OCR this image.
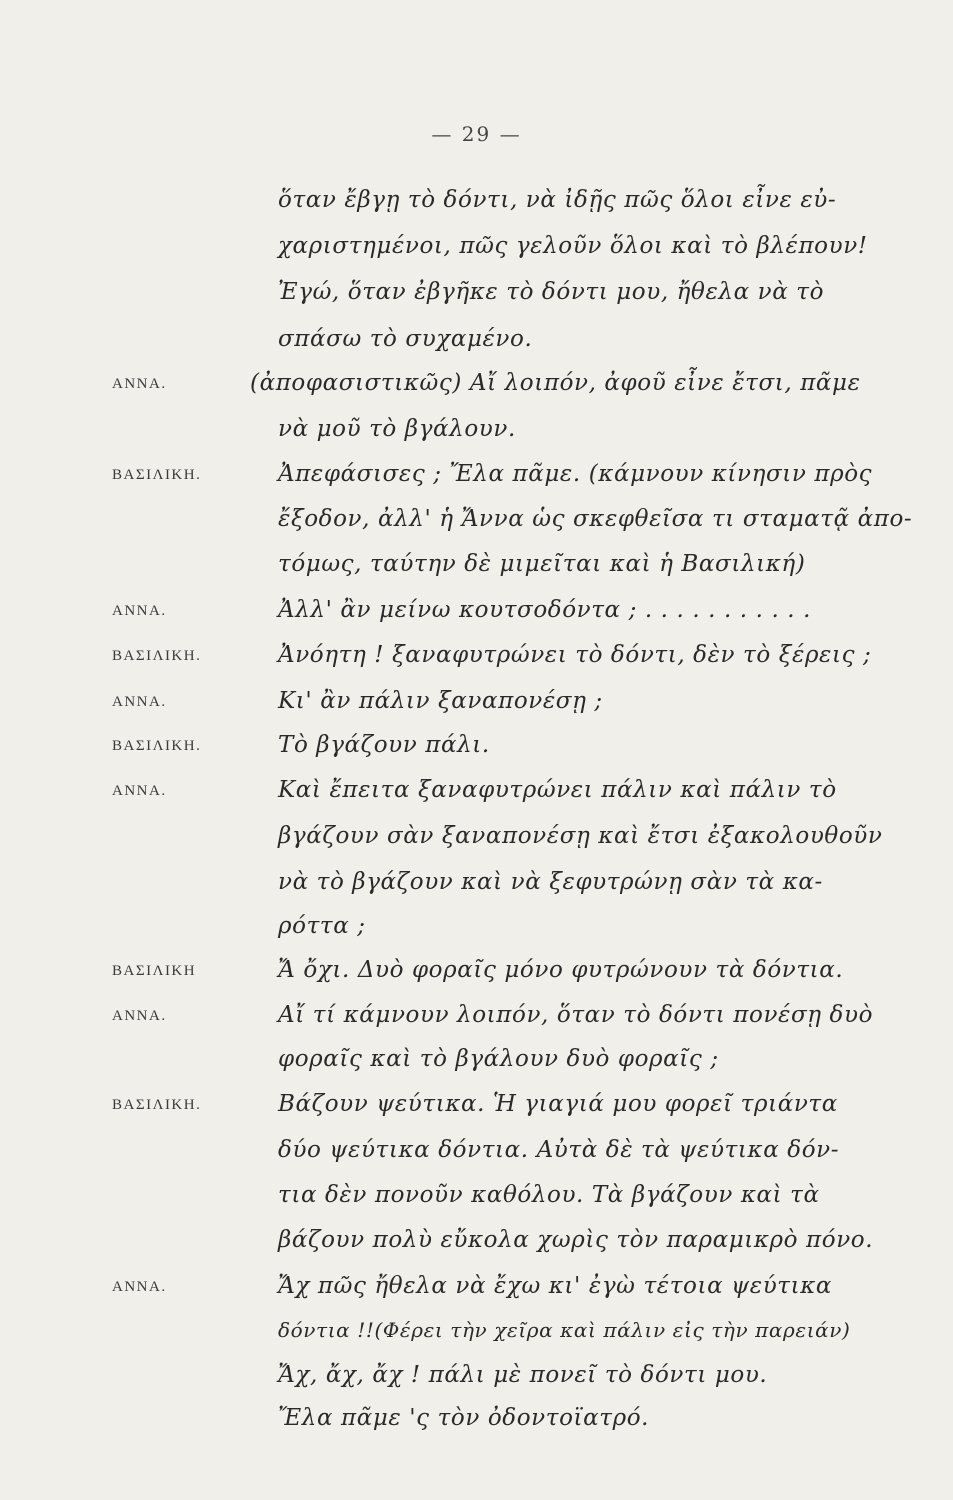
— 29 —
ὅταν ἔβγῃ τὸ δόντι, νὰ ἰδῇς πῶς ὅλοι εἶνε εὐ-
χαριστημένοι, πῶς γελοῦν ὅλοι καὶ τὸ βλέπουν!
Ἐγώ, ὅταν ἐβγῆκε τὸ δόντι μου, ἤθελα νὰ τὸ
σπάσω τὸ συχαμένο.
ΑΝΝΑ.	(ἀποφασιστικῶς) Αἴ λοιπόν, ἀφοῦ εἶνε ἔτσι, πᾶμε
νὰ μοῦ τὸ βγάλουν.
ΒΑΣΙΛΙΚΗ.	Ἀπεφάσισες ; Ἔλα πᾶμε. (κάμνουν κίνησιν πρὸς
ἔξοδον, ἀλλ' ἡ Ἄννα ὡς σκεφθεῖσα τι σταματᾷ ἀπο-
τόμως, ταύτην δὲ μιμεῖται καὶ ἡ Βασιλική)
ΑΝΝΑ.	Ἀλλ' ἂν μείνω κουτσοδόντα ; . . . . . . . . . . .
ΒΑΣΙΛΙΚΗ.	Ἀνόητη ! ξαναφυτρώνει τὸ δόντι, δὲν τὸ ξέρεις ;
ΑΝΝΑ.	Κι' ἂν πάλιν ξαναπονέσῃ ;
ΒΑΣΙΛΙΚΗ.	Τὸ βγάζουν πάλι.
ΑΝΝΑ.	Καὶ ἔπειτα ξαναφυτρώνει πάλιν καὶ πάλιν τὸ
βγάζουν σὰν ξαναπονέσῃ καὶ ἔτσι ἐξακολουθοῦν
νὰ τὸ βγάζουν καὶ νὰ ξεφυτρώνῃ σὰν τὰ κα-
ρόττα ;
ΒΑΣΙΛΙΚΗ	Ἄ ὄχι. Δυὸ φοραῖς μόνο φυτρώνουν τὰ δόντια.
ΑΝΝΑ.	Αἴ τί κάμνουν λοιπόν, ὅταν τὸ δόντι πονέσῃ δυὸ
φοραῖς καὶ τὸ βγάλουν δυὸ φοραῖς ;
ΒΑΣΙΛΙΚΗ.	Βάζουν ψεύτικα. Ἡ γιαγιά μου φορεῖ τριάντα
δύο ψεύτικα δόντια. Αὐτὰ δὲ τὰ ψεύτικα δόν-
τια δὲν πονοῦν καθόλου. Τὰ βγάζουν καὶ τὰ
βάζουν πολὺ εὔκολα χωρὶς τὸν παραμικρὸ πόνο.
ΑΝΝΑ.	Ἄχ πῶς ἤθελα νὰ ἔχω κι' ἐγὼ τέτοια ψεύτικα
δόντια !!(Φέρει τὴν χεῖρα καὶ πάλιν εἰς τὴν παρειάν)
Ἄχ, ἄχ, ἄχ ! πάλι μὲ πονεῖ τὸ δόντι μου.
Ἔλα πᾶμε 'ς τὸν ὀδοντοϊατρό.
